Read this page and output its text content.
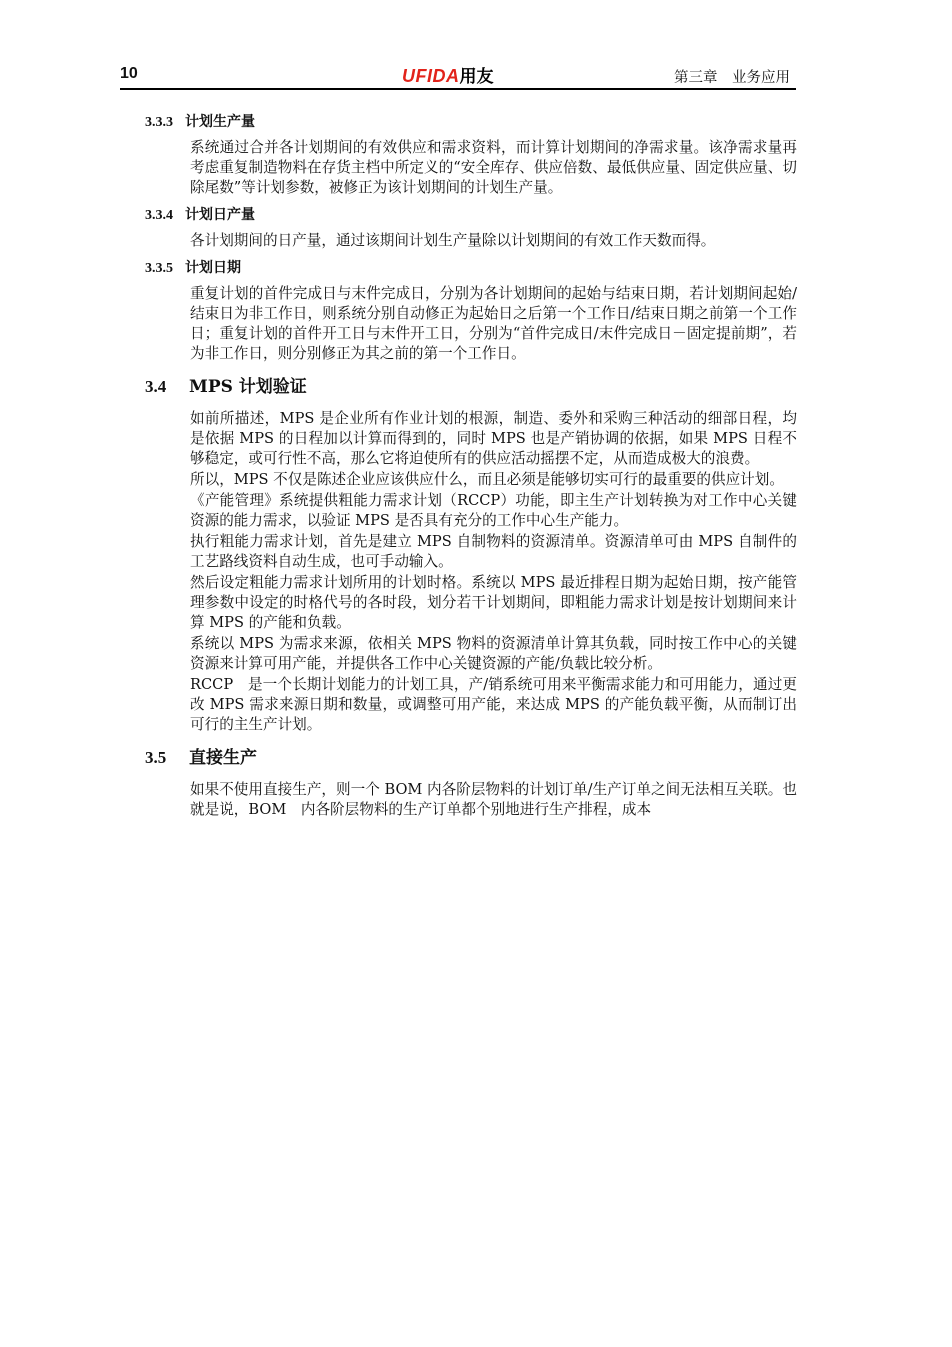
10	UFIDA用友	第三章　业务应用
3.3.3 计划生产量

系统通过合并各计划期间的有效供应和需求资料，而计算计划期间的净需求量。该净需求量再考虑重复制造物料在存货主档中所定义的“安全库存、供应倍数、最低供应量、固定供应量、切除尾数”等计划参数，被修正为该计划期间的计划生产量。

3.3.4 计划日产量

各计划期间的日产量，通过该期间计划生产量除以计划期间的有效工作天数而得。

3.3.5 计划日期

重复计划的首件完成日与末件完成日，分别为各计划期间的起始与结束日期，若计划期间起始/结束日为非工作日，则系统分别自动修正为起始日之后第一个工作日/结束日期之前第一个工作日；重复计划的首件开工日与末件开工日，分别为“首件完成日/末件完成日－固定提前期”，若为非工作日，则分别修正为其之前的第一个工作日。

3.4 MPS 计划验证

如前所描述，MPS 是企业所有作业计划的根源，制造、委外和采购三种活动的细部日程，均是依据 MPS 的日程加以计算而得到的，同时 MPS 也是产销协调的依据，如果 MPS 日程不够稳定，或可行性不高，那么它将迫使所有的供应活动摇摆不定，从而造成极大的浪费。

所以，MPS 不仅是陈述企业应该供应什么，而且必须是能够切实可行的最重要的供应计划。

《产能管理》系统提供粗能力需求计划（RCCP）功能，即主生产计划转换为对工作中心关键资源的能力需求，以验证 MPS 是否具有充分的工作中心生产能力。

执行粗能力需求计划，首先是建立 MPS 自制物料的资源清单。资源清单可由 MPS 自制件的工艺路线资料自动生成，也可手动输入。

然后设定粗能力需求计划所用的计划时格。系统以 MPS 最近排程日期为起始日期，按产能管理参数中设定的时格代号的各时段，划分若干计划期间，即粗能力需求计划是按计划期间来计算 MPS 的产能和负载。

系统以 MPS 为需求来源，依相关 MPS 物料的资源清单计算其负载，同时按工作中心的关键资源来计算可用产能，并提供各工作中心关键资源的产能/负载比较分析。

RCCP　是一个长期计划能力的计划工具，产/销系统可用来平衡需求能力和可用能力，通过更改 MPS 需求来源日期和数量，或调整可用产能，来达成 MPS 的产能负载平衡，从而制订出可行的主生产计划。

3.5 直接生产

如果不使用直接生产，则一个 BOM 内各阶层物料的计划订单/生产订单之间无法相互关联。也就是说，BOM　内各阶层物料的生产订单都个别地进行生产排程，成本
